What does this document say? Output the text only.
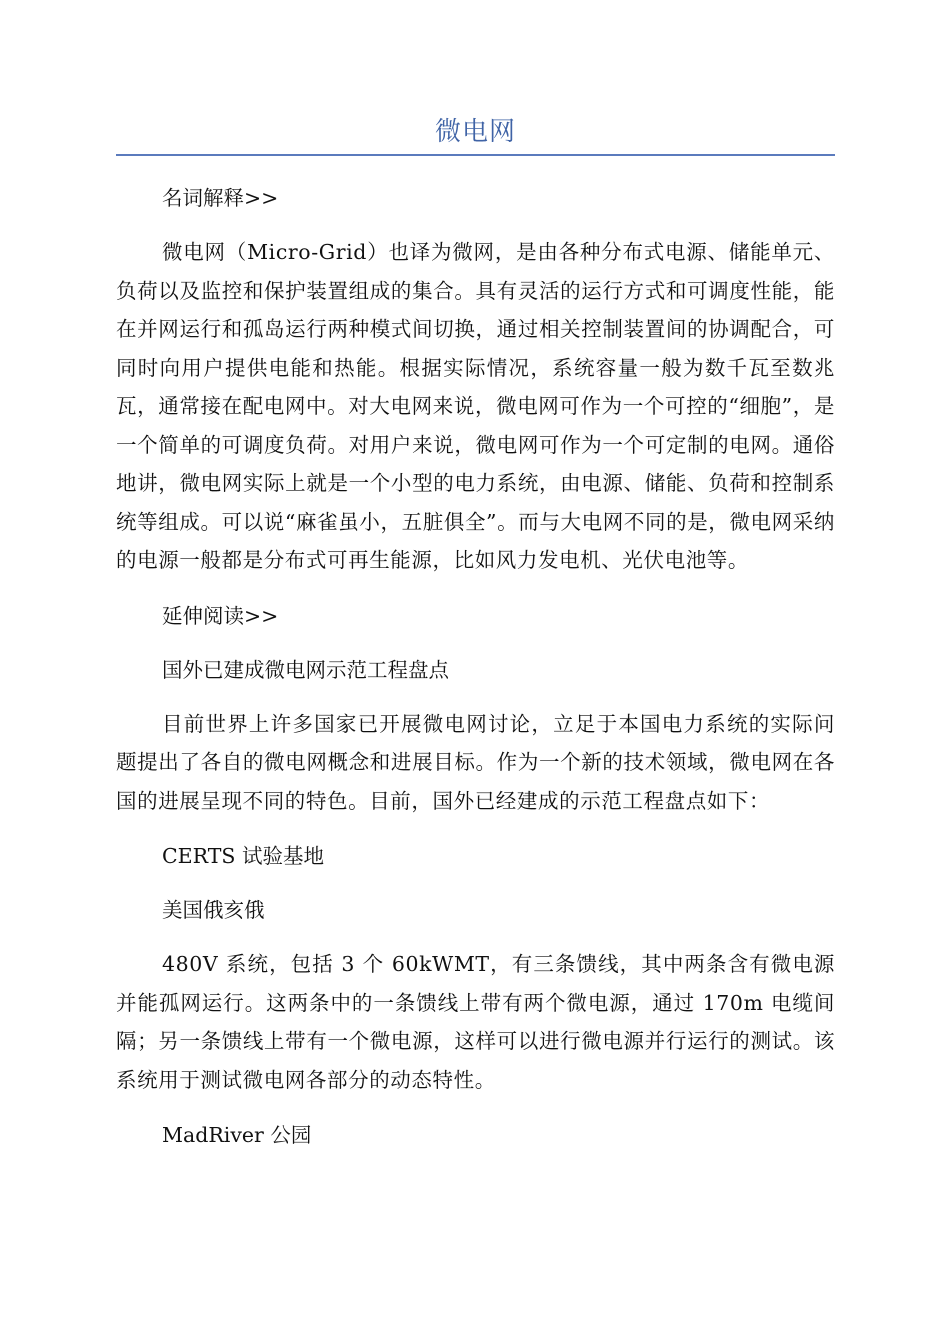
微电网

名词解释>>

微电网（Micro-Grid）也译为微网，是由各种分布式电源、储能单元、负荷以及监控和保护装置组成的集合。具有灵活的运行方式和可调度性能，能在并网运行和孤岛运行两种模式间切换，通过相关控制装置间的协调配合，可同时向用户提供电能和热能。根据实际情况，系统容量一般为数千瓦至数兆瓦，通常接在配电网中。对大电网来说，微电网可作为一个可控的“细胞”，是一个简单的可调度负荷。对用户来说，微电网可作为一个可定制的电网。通俗地讲，微电网实际上就是一个小型的电力系统，由电源、储能、负荷和控制系统等组成。可以说“麻雀虽小，五脏俱全”。而与大电网不同的是，微电网采纳的电源一般都是分布式可再生能源，比如风力发电机、光伏电池等。

延伸阅读>>

国外已建成微电网示范工程盘点

目前世界上许多国家已开展微电网讨论，立足于本国电力系统的实际问题提出了各自的微电网概念和进展目标。作为一个新的技术领域，微电网在各国的进展呈现不同的特色。目前，国外已经建成的示范工程盘点如下：

CERTS 试验基地

美国俄亥俄

480V 系统，包括 3 个 60kWMT，有三条馈线，其中两条含有微电源并能孤网运行。这两条中的一条馈线上带有两个微电源，通过 170m 电缆间隔；另一条馈线上带有一个微电源，这样可以进行微电源并行运行的测试。该系统用于测试微电网各部分的动态特性。

MadRiver 公园
